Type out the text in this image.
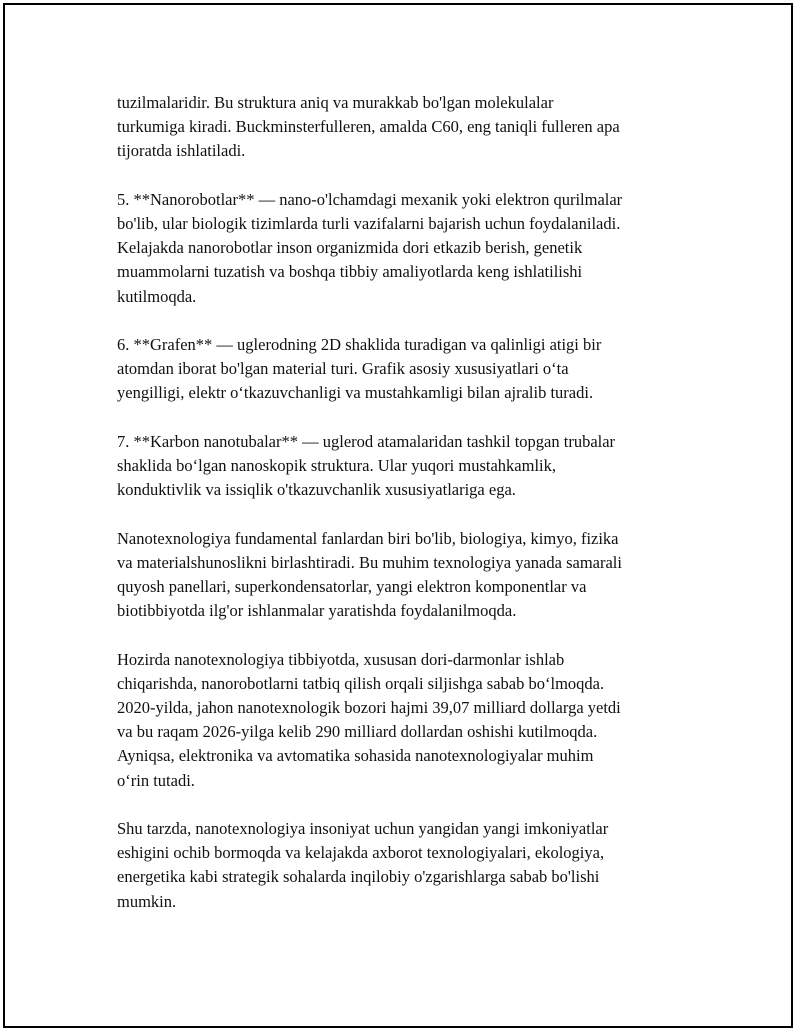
tuzilmalaridir. Bu struktura aniq va murakkab bo'lgan molekulalar
turkumiga kiradi. Buckminsterfulleren, amalda C60, eng taniqli fulleren apa
tijoratda ishlatiladi.

5. **Nanorobotlar** — nano-o'lchamdagi mexanik yoki elektron qurilmalar
bo'lib, ular biologik tizimlarda turli vazifalarni bajarish uchun foydalaniladi.
Kelajakda nanorobotlar inson organizmida dori etkazib berish, genetik
muammolarni tuzatish va boshqa tibbiy amaliyotlarda keng ishlatilishi
kutilmoqda.

6. **Grafen** — uglerodning 2D shaklida turadigan va qalinligi atigi bir
atomdan iborat bo'lgan material turi. Grafik asosiy xususiyatlari o‘ta
yengilligi, elektr o‘tkazuvchanligi va mustahkamligi bilan ajralib turadi.

7. **Karbon nanotubalar** — uglerod atamalaridan tashkil topgan trubalar
shaklida bo‘lgan nanoskopik struktura. Ular yuqori mustahkamlik,
konduktivlik va issiqlik o'tkazuvchanlik xususiyatlariga ega.

Nanotexnologiya fundamental fanlardan biri bo'lib, biologiya, kimyo, fizika
va materialshunoslikni birlashtiradi. Bu muhim texnologiya yanada samarali
quyosh panellari, superkondensatorlar, yangi elektron komponentlar va
biotibbiyotda ilg'or ishlanmalar yaratishda foydalanilmoqda.

Hozirda nanotexnologiya tibbiyotda, xususan dori-darmonlar ishlab
chiqarishda, nanorobotlarni tatbiq qilish orqali siljishga sabab bo‘lmoqda.
2020-yilda, jahon nanotexnologik bozori hajmi 39,07 milliard dollarga yetdi
va bu raqam 2026-yilga kelib 290 milliard dollardan oshishi kutilmoqda.
Ayniqsa, elektronika va avtomatika sohasida nanotexnologiyalar muhim
o‘rin tutadi.

Shu tarzda, nanotexnologiya insoniyat uchun yangidan yangi imkoniyatlar
eshigini ochib bormoqda va kelajakda axborot texnologiyalari, ekologiya,
energetika kabi strategik sohalarda inqilobiy o'zgarishlarga sabab bo'lishi
mumkin.
